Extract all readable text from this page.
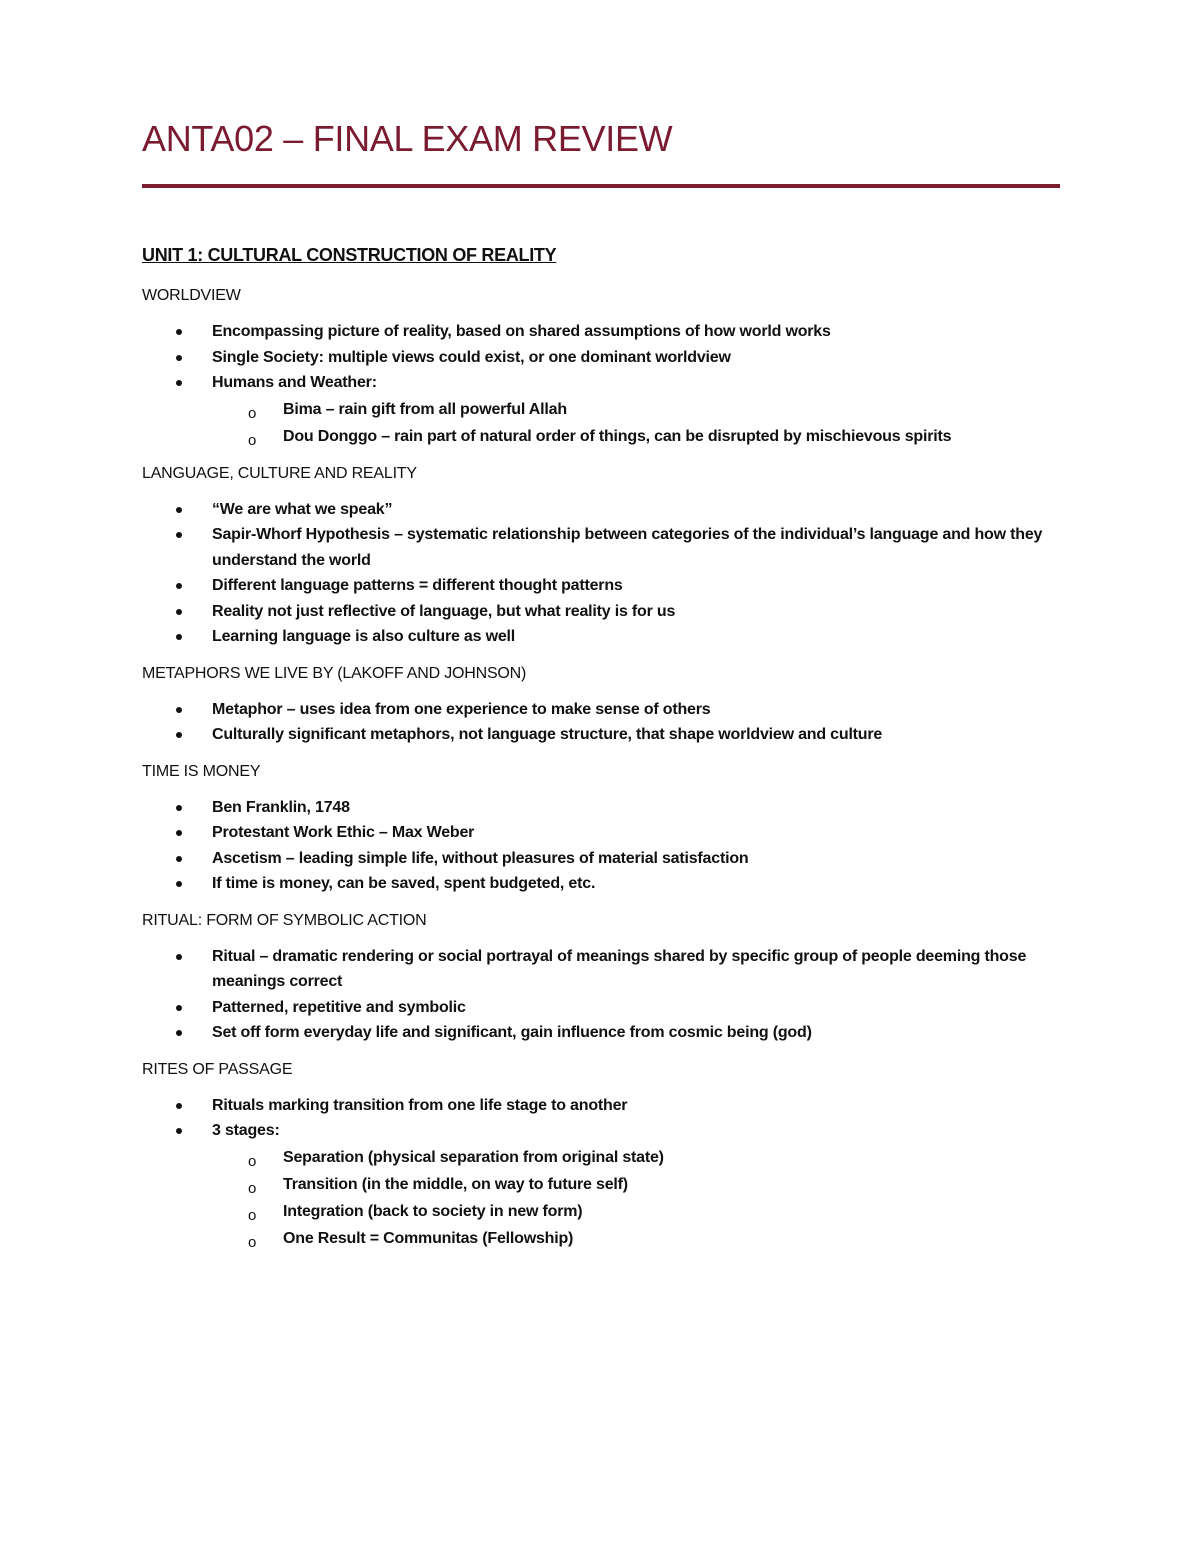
ANTA02 – FINAL EXAM REVIEW
UNIT 1: CULTURAL CONSTRUCTION OF REALITY
WORLDVIEW
Encompassing picture of reality, based on shared assumptions of how world works
Single Society: multiple views could exist, or one dominant worldview
Humans and Weather:
o Bima – rain gift from all powerful Allah
o Dou Donggo – rain part of natural order of things, can be disrupted by mischievous spirits
LANGUAGE, CULTURE AND REALITY
“We are what we speak”
Sapir-Whorf Hypothesis – systematic relationship between categories of the individual’s language and how they understand the world
Different language patterns = different thought patterns
Reality not just reflective of language, but what reality is for us
Learning language is also culture as well
METAPHORS WE LIVE BY (LAKOFF AND JOHNSON)
Metaphor – uses idea from one experience to make sense of others
Culturally significant metaphors, not language structure, that shape worldview and culture
TIME IS MONEY
Ben Franklin, 1748
Protestant Work Ethic – Max Weber
Ascetism – leading simple life, without pleasures of material satisfaction
If time is money, can be saved, spent budgeted, etc.
RITUAL: FORM OF SYMBOLIC ACTION
Ritual – dramatic rendering or social portrayal of meanings shared by specific group of people deeming those meanings correct
Patterned, repetitive and symbolic
Set off form everyday life and significant, gain influence from cosmic being (god)
RITES OF PASSAGE
Rituals marking transition from one life stage to another
3 stages:
o Separation (physical separation from original state)
o Transition (in the middle, on way to future self)
o Integration (back to society in new form)
o One Result = Communitas (Fellowship)
